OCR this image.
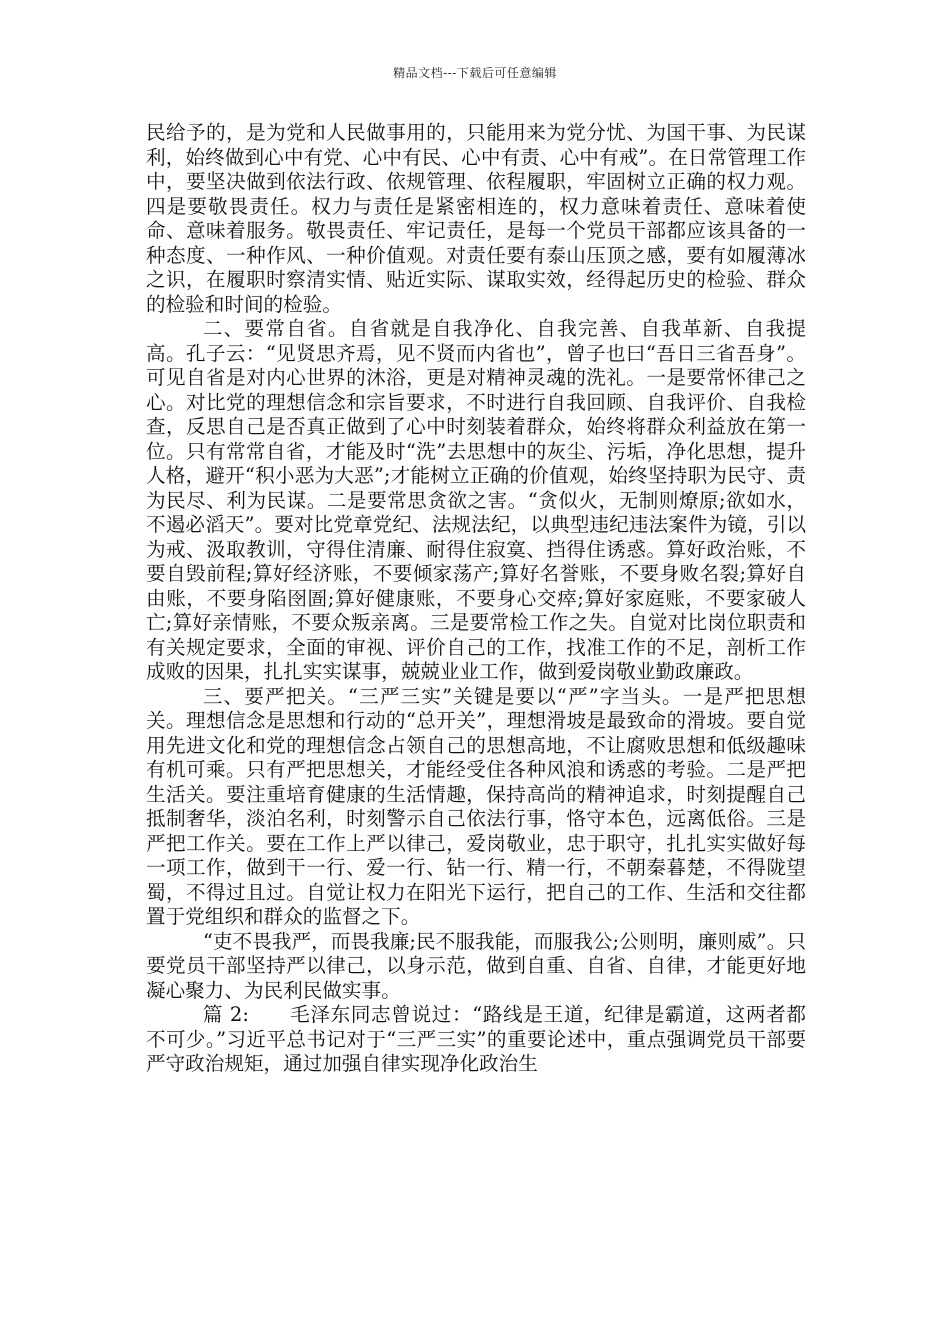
精品文档---下载后可任意编辑

民给予的，是为党和人民做事用的，只能用来为党分忧、为国干事、为民谋利，始终做到心中有党、心中有民、心中有责、心中有戒”。在日常管理工作中，要坚决做到依法行政、依规管理、依程履职，牢固树立正确的权力观。四是要敬畏责任。权力与责任是紧密相连的，权力意味着责任、意味着使命、意味着服务。敬畏责任、牢记责任，是每一个党员干部都应该具备的一种态度、一种作风、一种价值观。对责任要有泰山压顶之感，要有如履薄冰之识，在履职时察清实情、贴近实际、谋取实效，经得起历史的检验、群众的检验和时间的检验。

二、要常自省。自省就是自我净化、自我完善、自我革新、自我提高。孔子云：“见贤思齐焉，见不贤而内省也”，曾子也曰“吾日三省吾身”。可见自省是对内心世界的沐浴，更是对精神灵魂的洗礼。一是要常怀律己之心。对比党的理想信念和宗旨要求，不时进行自我回顾、自我评价、自我检查，反思自己是否真正做到了心中时刻装着群众，始终将群众利益放在第一位。只有常常自省，才能及时“洗”去思想中的灰尘、污垢，净化思想，提升人格，避开“积小恶为大恶”;才能树立正确的价值观，始终坚持职为民守、责为民尽、利为民谋。二是要常思贪欲之害。“贪似火，无制则燎原;欲如水，不遏必滔天”。要对比党章党纪、法规法纪，以典型违纪违法案件为镜，引以为戒、汲取教训，守得住清廉、耐得住寂寞、挡得住诱惑。算好政治账，不要自毁前程;算好经济账，不要倾家荡产;算好名誉账，不要身败名裂;算好自由账，不要身陷囹圄;算好健康账，不要身心交瘁;算好家庭账，不要家破人亡;算好亲情账，不要众叛亲离。三是要常检工作之失。自觉对比岗位职责和有关规定要求，全面的审视、评价自己的工作，找准工作的不足，剖析工作成败的因果，扎扎实实谋事，兢兢业业工作，做到爱岗敬业勤政廉政。

三、要严把关。“三严三实”关键是要以“严”字当头。一是严把思想关。理想信念是思想和行动的“总开关”，理想滑坡是最致命的滑坡。要自觉用先进文化和党的理想信念占领自己的思想高地，不让腐败思想和低级趣味有机可乘。只有严把思想关，才能经受住各种风浪和诱惑的考验。二是严把生活关。要注重培育健康的生活情趣，保持高尚的精神追求，时刻提醒自己抵制奢华，淡泊名利，时刻警示自己依法行事，恪守本色，远离低俗。三是严把工作关。要在工作上严以律己，爱岗敬业，忠于职守，扎扎实实做好每一项工作，做到干一行、爱一行、钻一行、精一行，不朝秦暮楚，不得陇望蜀，不得过且过。自觉让权力在阳光下运行，把自己的工作、生活和交往都置于党组织和群众的监督之下。

“吏不畏我严，而畏我廉;民不服我能，而服我公;公则明，廉则威”。只要党员干部坚持严以律己，以身示范，做到自重、自省、自律，才能更好地凝心聚力、为民利民做实事。

篇 2:　　毛泽东同志曾说过：“路线是王道，纪律是霸道，这两者都不可少。”习近平总书记对于“三严三实”的重要论述中，重点强调党员干部要严守政治规矩，通过加强自律实现净化政治生
